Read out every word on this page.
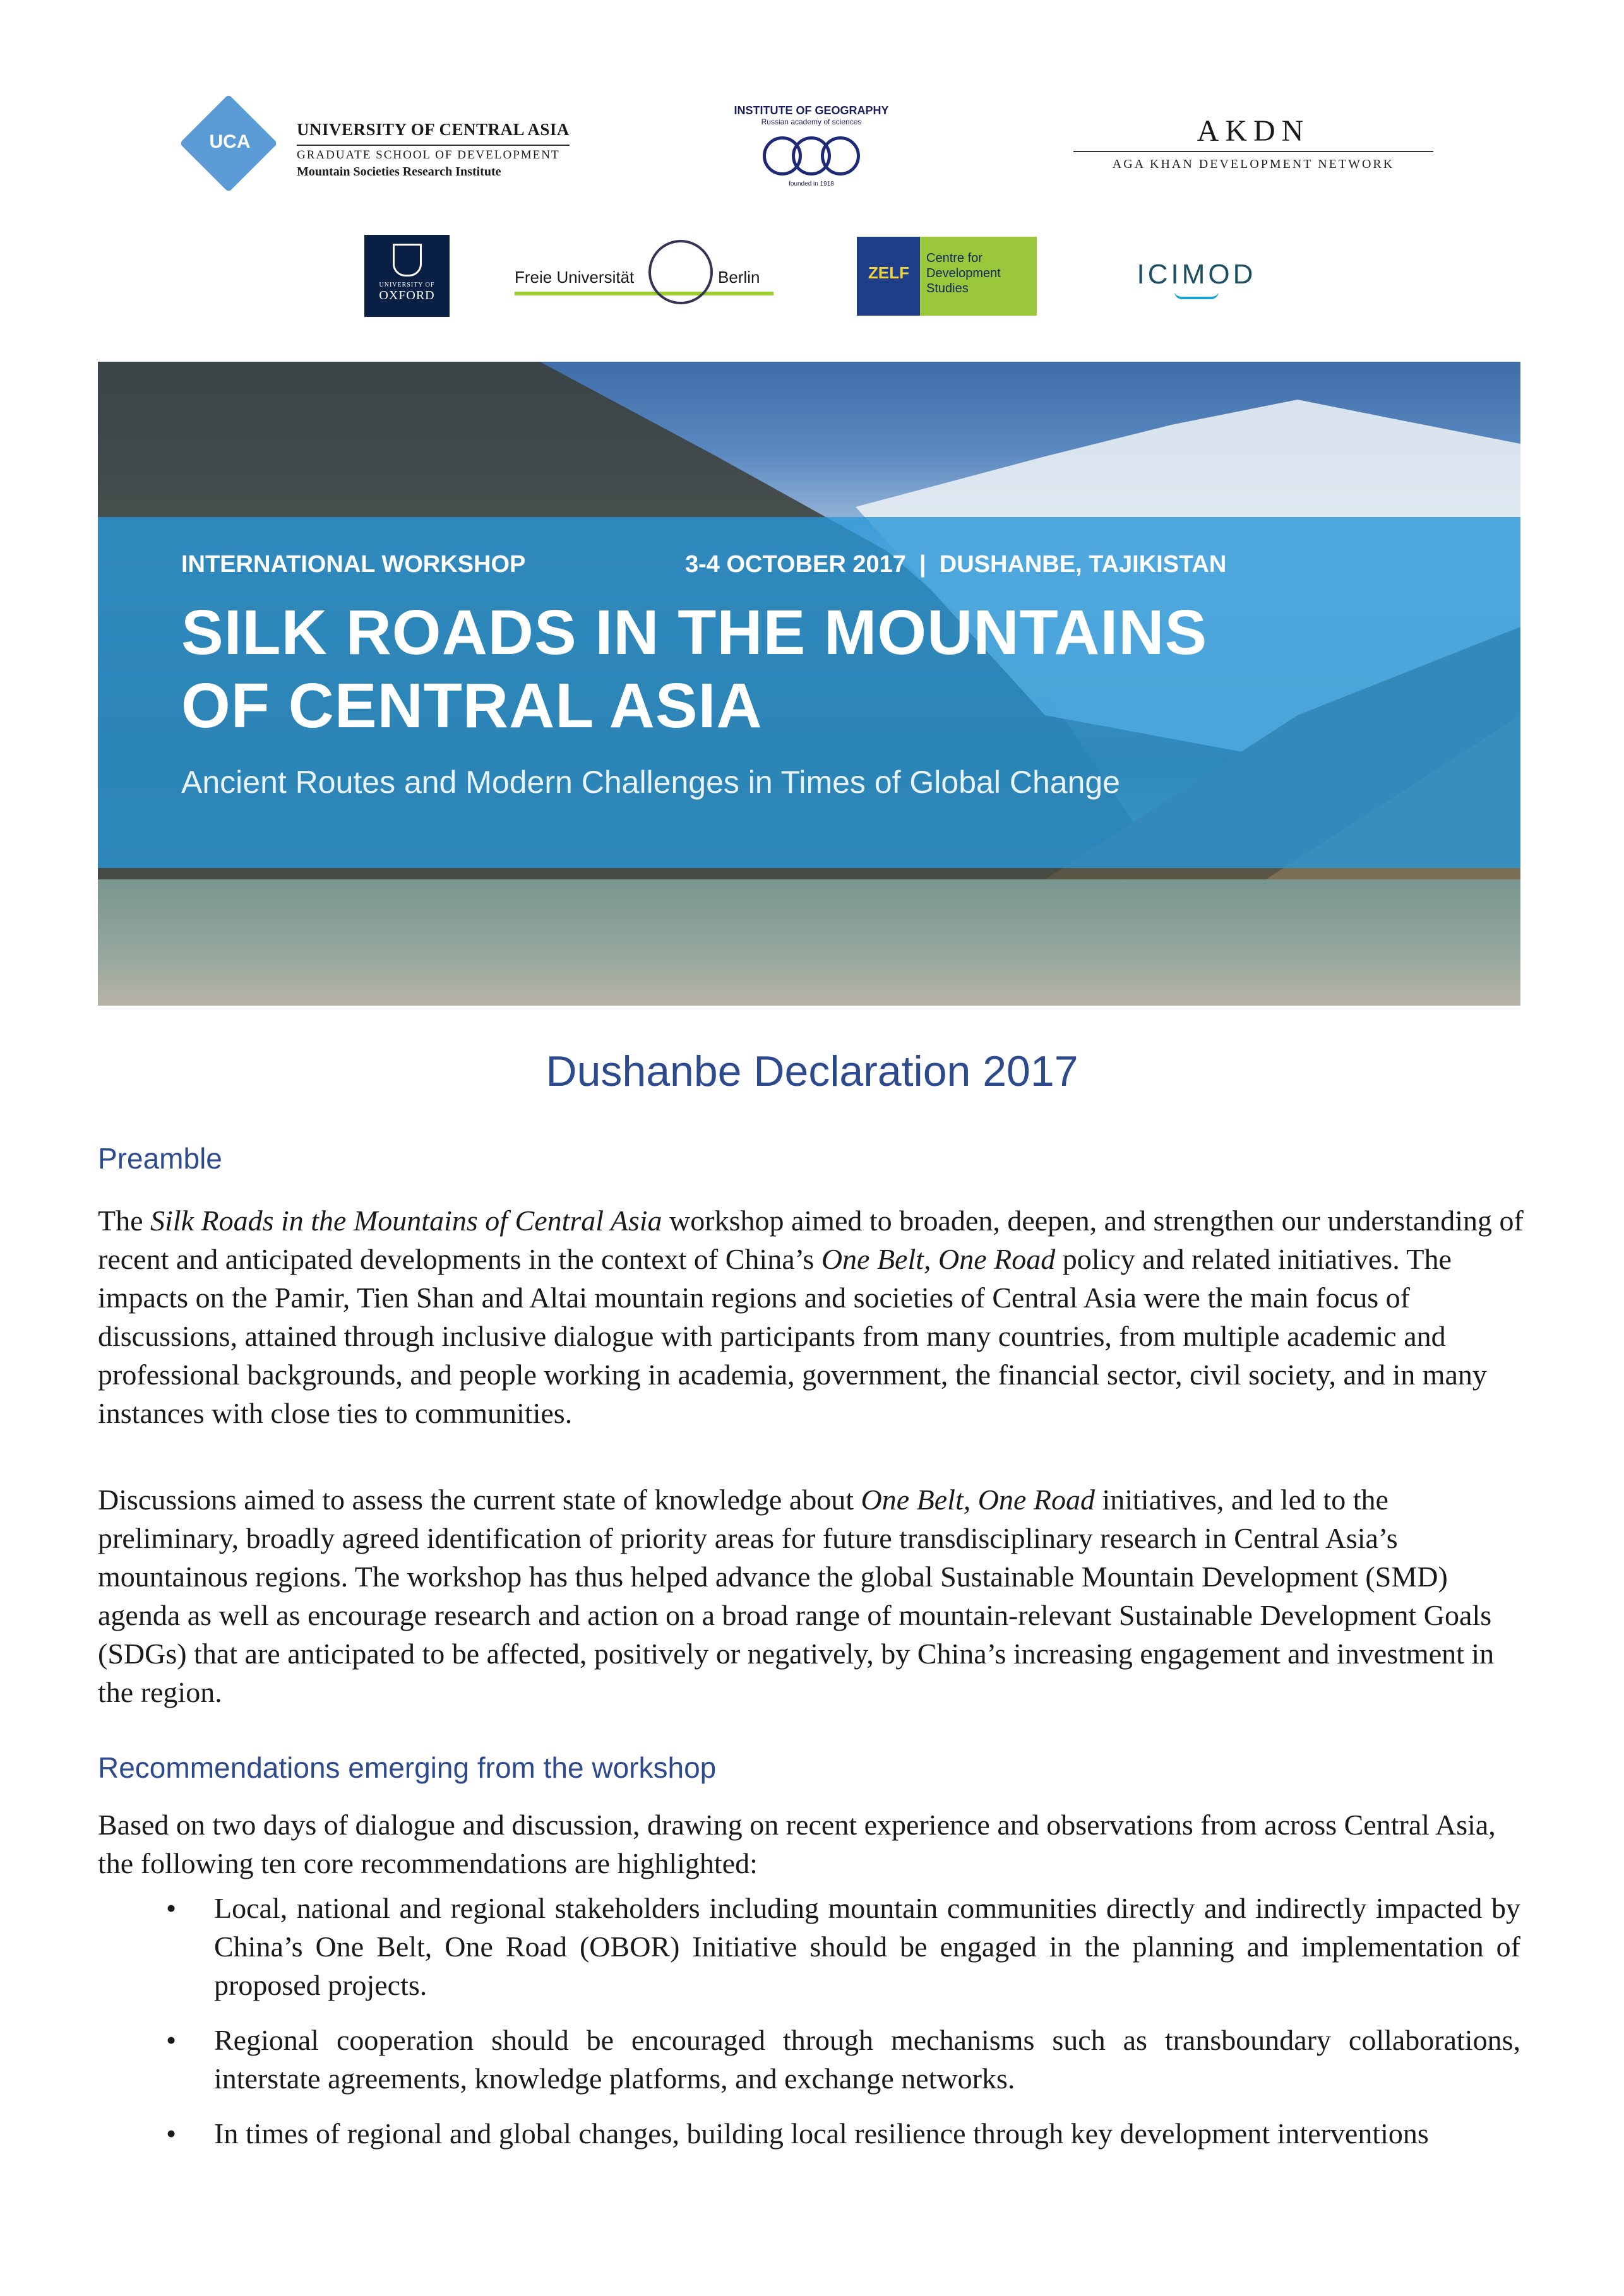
UCA
UNIVERSITY OF CENTRAL ASIA
GRADUATE SCHOOL OF DEVELOPMENT
Mountain Societies Research Institute
INSTITUTE OF GEOGRAPHY
Russian academy of sciences
founded in 1918
AKDN
AGA KHAN DEVELOPMENT NETWORK
UNIVERSITY OF
OXFORD
Freie Universität	Berlin	ZELF
Centre for Development Studies	ICIMOD
INTERNATIONAL WORKSHOP	3-4 OCTOBER 2017  |  DUSHANBE, TAJIKISTAN
SILK ROADS IN THE MOUNTAINS
OF CENTRAL ASIA
Ancient Routes and Modern Challenges in Times of Global Change
Dushanbe Declaration 2017
Preamble

The Silk Roads in the Mountains of Central Asia workshop aimed to broaden, deepen, and strengthen our understanding of recent and anticipated developments in the context of China’s One Belt, One Road policy and related initiatives. The impacts on the Pamir, Tien Shan and Altai mountain regions and societies of Central Asia were the main focus of discussions, attained through inclusive dialogue with participants from many countries, from multiple academic and professional backgrounds, and people working in academia, government, the financial sector, civil society, and in many instances with close ties to communities.

Discussions aimed to assess the current state of knowledge about One Belt, One Road initiatives, and led to the preliminary, broadly agreed identification of priority areas for future transdisciplinary research in Central Asia’s mountainous regions. The workshop has thus helped advance the global Sustainable Mountain Development (SMD) agenda as well as encourage research and action on a broad range of mountain-relevant Sustainable Development Goals (SDGs) that are anticipated to be affected, positively or negatively, by China’s increasing engagement and investment in the region.

Recommendations emerging from the workshop

Based on two days of dialogue and discussion, drawing on recent experience and observations from across Central Asia, the following ten core recommendations are highlighted:

• Local, national and regional stakeholders including mountain communities directly and indirectly impacted by China’s One Belt, One Road (OBOR) Initiative should be engaged in the planning and implementation of proposed projects.
• Regional cooperation should be encouraged through mechanisms such as transboundary collaborations, interstate agreements, knowledge platforms, and exchange networks.
• In times of regional and global changes, building local resilience through key development interventions
